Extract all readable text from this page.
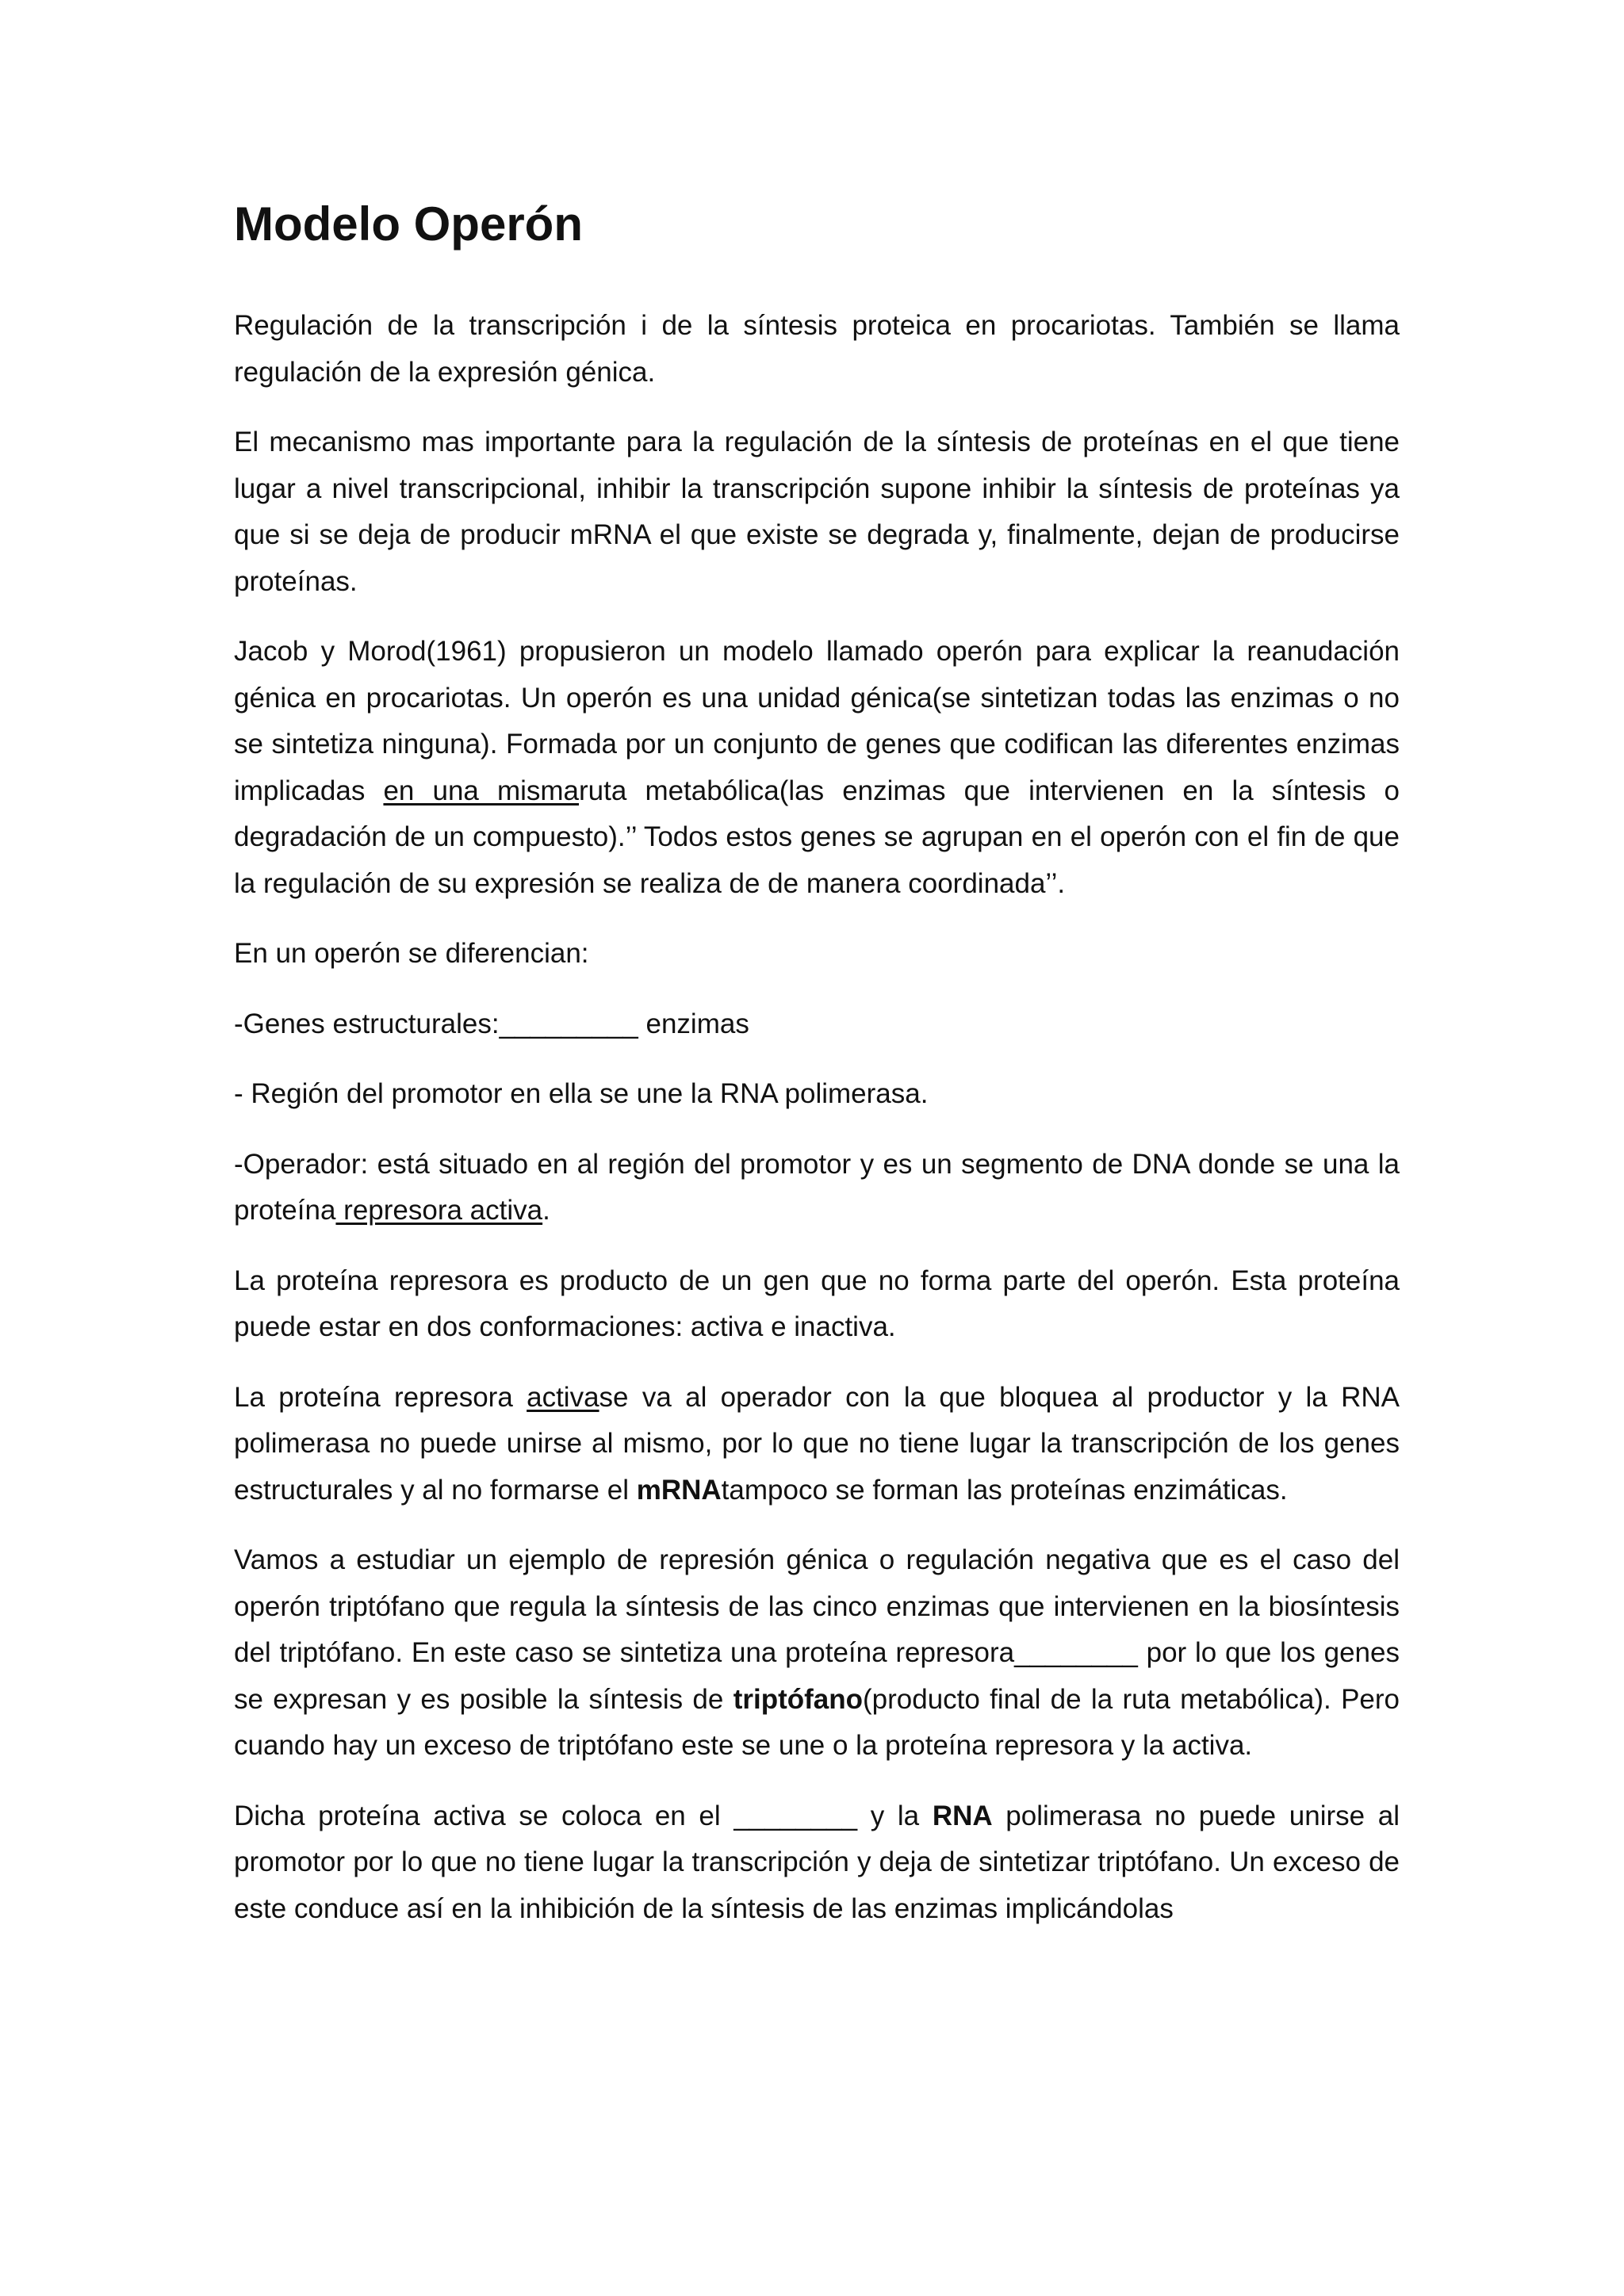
Modelo Operón

Regulación de la transcripción i de la síntesis proteica en procariotas. También se llama regulación de la expresión génica.

El mecanismo mas importante para la regulación de la síntesis de proteínas en el que tiene lugar a nivel transcripcional, inhibir la transcripción supone inhibir la síntesis de proteínas ya que si se deja de producir mRNA el que existe se degrada y, finalmente, dejan de producirse proteínas.

Jacob y Morod(1961) propusieron un modelo llamado operón para explicar la reanudación génica en procariotas. Un operón es una unidad génica(se sintetizan todas las enzimas o no se sintetiza ninguna). Formada por un conjunto de genes que codifican las diferentes enzimas implicadas en una mismaruta metabólica(las enzimas que intervienen en la síntesis o degradación de un compuesto).’’ Todos estos genes se agrupan en el operón con el fin de que la regulación de su expresión se realiza de de manera coordinada’’.

En un operón se diferencian:

-Genes estructurales:_________ enzimas

- Región del promotor en ella se une la RNA polimerasa.

-Operador: está situado en al región del promotor y es un segmento de DNA donde se una la proteína represora activa.

La proteína represora es producto de un gen que no forma parte del operón. Esta proteína puede estar en dos conformaciones: activa e inactiva.

La proteína represora activase va al operador con la que bloquea al productor y la RNA polimerasa no puede unirse al mismo, por lo que no tiene lugar la transcripción de los genes estructurales y al no formarse el mRNAtampoco se forman las proteínas enzimáticas.

Vamos a estudiar un ejemplo de represión génica o regulación negativa que es el caso del operón triptófano que regula la síntesis de las cinco enzimas que intervienen en la biosíntesis del triptófano. En este caso se sintetiza una proteína represora________ por lo que los genes se expresan y es posible la síntesis de triptófano(producto final de la ruta metabólica). Pero cuando hay un exceso de triptófano este se une o la proteína represora y la activa.

Dicha proteína activa se coloca en el ________ y la RNA polimerasa no puede unirse al promotor por lo que no tiene lugar la transcripción y deja de sintetizar triptófano. Un exceso de este conduce así en la inhibición de la síntesis de las enzimas implicándolas
